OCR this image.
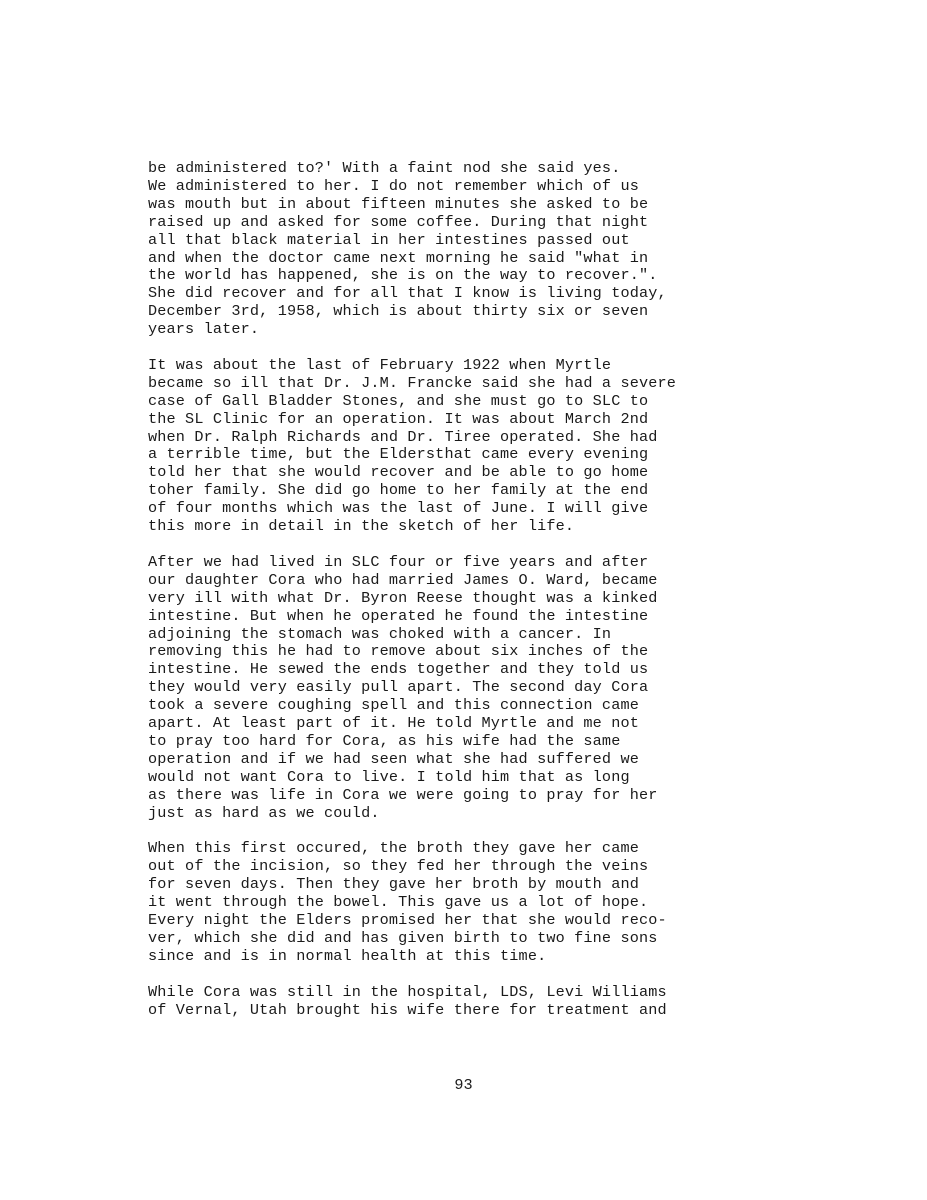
be administered to?' With a faint nod she said yes.
We administered to her. I do not remember which of us
was mouth but in about fifteen minutes she asked to be
raised up and asked for some coffee. During that night
all that black material in her intestines passed out
and when the doctor came next morning he said "what in
the world has happened, she is on the way to recover.".
She did recover and for all that I know is living today,
December 3rd, 1958, which is about thirty six or seven
years later.
It was about the last of February 1922 when Myrtle
became so ill that Dr. J.M. Francke said she had a severe
case of Gall Bladder Stones, and she must go to SLC to
the SL Clinic for an operation. It was about March 2nd
when Dr. Ralph Richards and Dr. Tiree operated. She had
a terrible time, but the Eldersthat came every evening
told her that she would recover and be able to go home
toher family. She did go home to her family at the end
of four months which was the last of June. I will give
this more in detail in the sketch of her life.
After we had lived in SLC four or five years and after
our daughter Cora who had married James O. Ward, became
very ill with what Dr. Byron Reese thought was a kinked
intestine. But when he operated he found the intestine
adjoining the stomach was choked with a cancer. In
removing this he had to remove about six inches of the
intestine. He sewed the ends together and they told us
they would very easily pull apart. The second day Cora
took a severe coughing spell and this connection came
apart. At least part of it. He told Myrtle and me not
to pray too hard for Cora, as his wife had the same
operation and if we had seen what she had suffered we
would not want Cora to live. I told him that as long
as there was life in Cora we were going to pray for her
just as hard as we could.
When this first occured, the broth they gave her came
out of the incision, so they fed her through the veins
for seven days. Then they gave her broth by mouth and
it went through the bowel. This gave us a lot of hope.
Every night the Elders promised her that she would reco-
ver, which she did and has given birth to two fine sons
since and is in normal health at this time.
While Cora was still in the hospital, LDS, Levi Williams
of Vernal, Utah brought his wife there for treatment and
93
